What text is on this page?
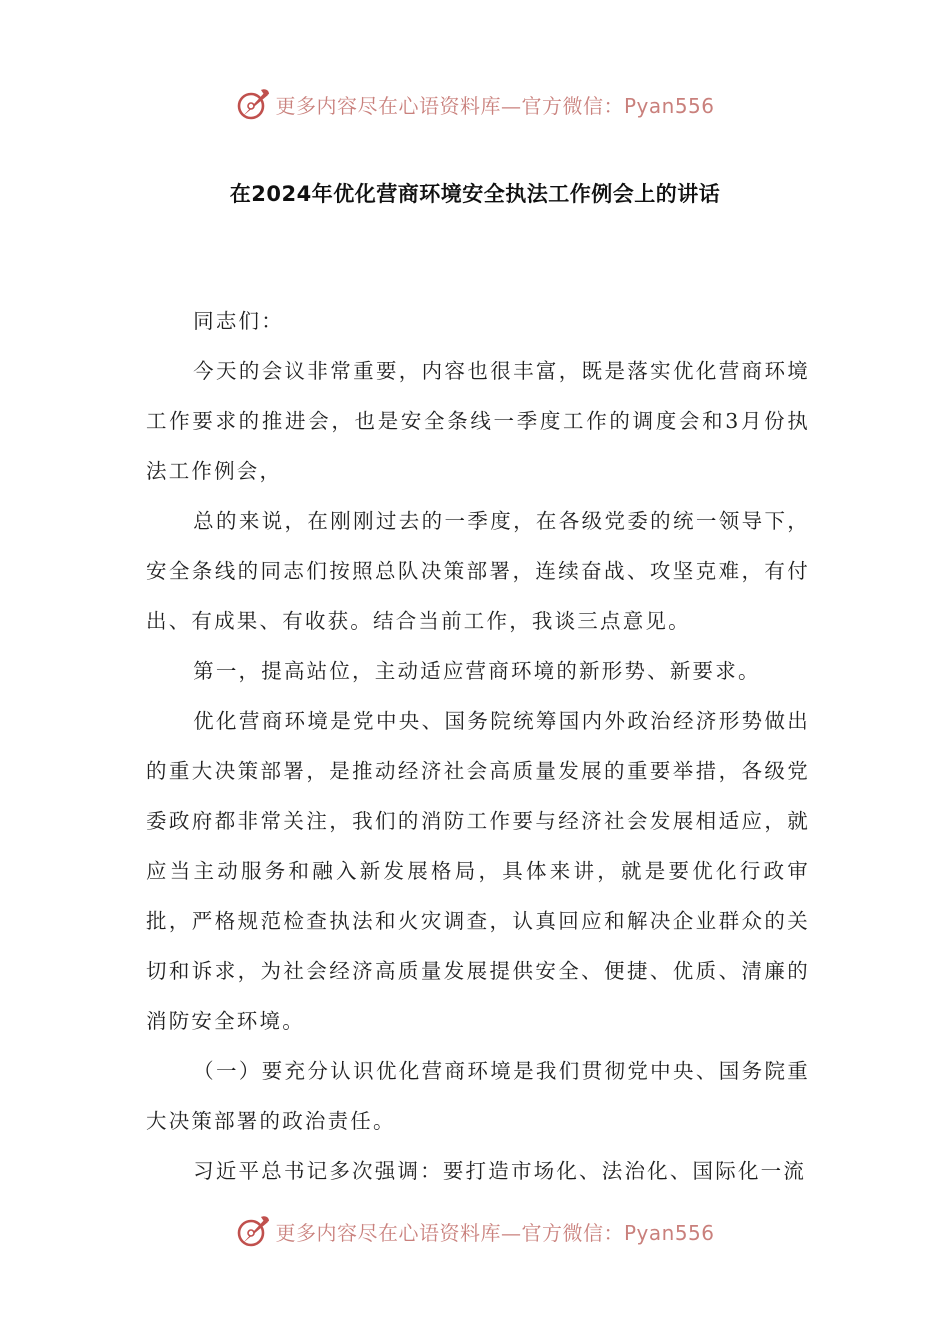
更多内容尽在心语资料库—官方微信：Pyan556
在2024年优化营商环境安全执法工作例会上的讲话

同志们：

今天的会议非常重要，内容也很丰富，既是落实优化营商环境工作要求的推进会，也是安全条线一季度工作的调度会和3月份执法工作例会，

总的来说，在刚刚过去的一季度，在各级党委的统一领导下，安全条线的同志们按照总队决策部署，连续奋战、攻坚克难，有付出、有成果、有收获。结合当前工作，我谈三点意见。

第一，提高站位，主动适应营商环境的新形势、新要求。

优化营商环境是党中央、国务院统筹国内外政治经济形势做出的重大决策部署，是推动经济社会高质量发展的重要举措，各级党委政府都非常关注，我们的消防工作要与经济社会发展相适应，就应当主动服务和融入新发展格局，具体来讲，就是要优化行政审批，严格规范检查执法和火灾调查，认真回应和解决企业群众的关切和诉求，为社会经济高质量发展提供安全、便捷、优质、清廉的消防安全环境。

（一）要充分认识优化营商环境是我们贯彻党中央、国务院重大决策部署的政治责任。

习近平总书记多次强调：要打造市场化、法治化、国际化一流

更多内容尽在心语资料库—官方微信：Pyan556
